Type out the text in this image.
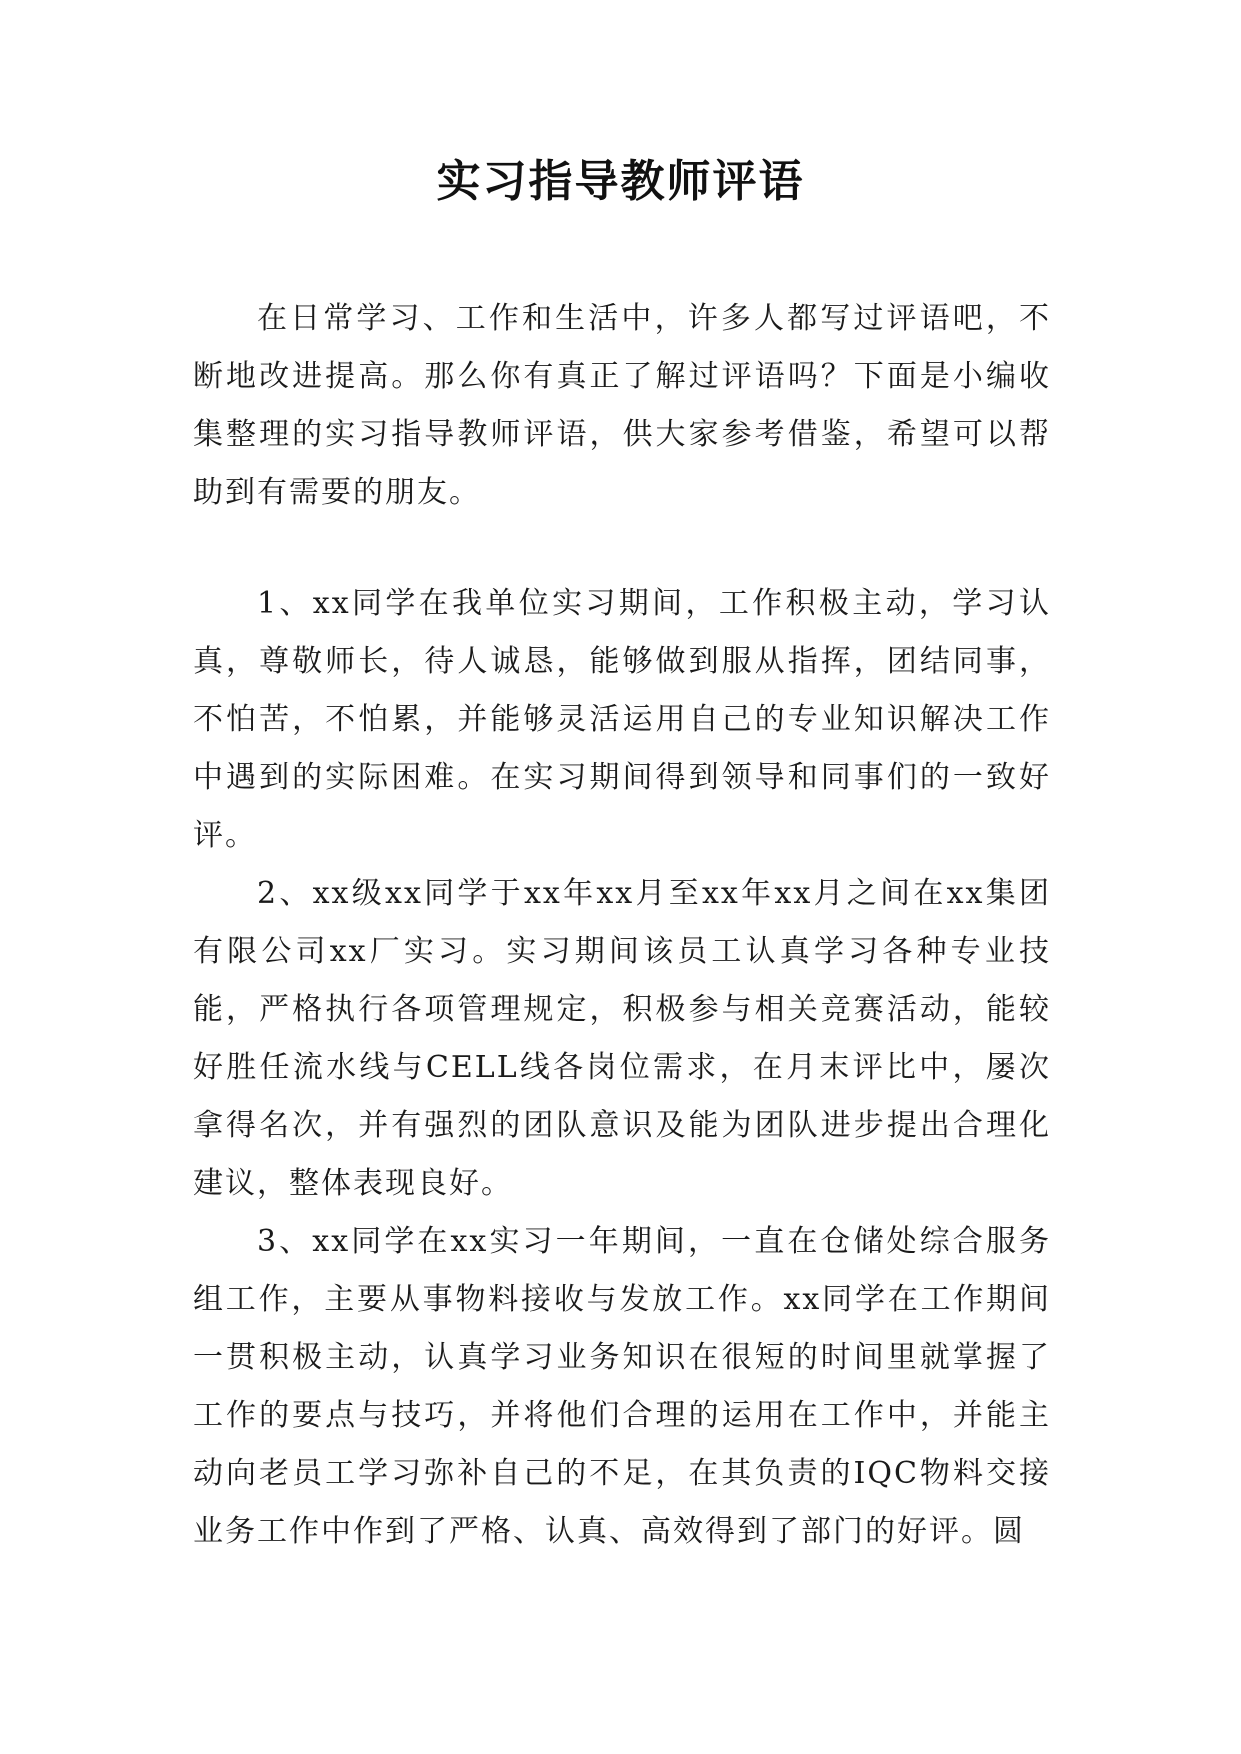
实习指导教师评语

在日常学习、工作和生活中，许多人都写过评语吧，不断地改进提高。那么你有真正了解过评语吗？下面是小编收集整理的实习指导教师评语，供大家参考借鉴，希望可以帮助到有需要的朋友。

1、xx同学在我单位实习期间，工作积极主动，学习认真，尊敬师长，待人诚恳，能够做到服从指挥，团结同事，不怕苦，不怕累，并能够灵活运用自己的专业知识解决工作中遇到的实际困难。在实习期间得到领导和同事们的一致好评。

2、xx级xx同学于xx年xx月至xx年xx月之间在xx集团有限公司xx厂实习。实习期间该员工认真学习各种专业技能，严格执行各项管理规定，积极参与相关竞赛活动，能较好胜任流水线与CELL线各岗位需求，在月末评比中，屡次拿得名次，并有强烈的团队意识及能为团队进步提出合理化建议，整体表现良好。

3、xx同学在xx实习一年期间，一直在仓储处综合服务组工作，主要从事物料接收与发放工作。xx同学在工作期间一贯积极主动，认真学习业务知识在很短的时间里就掌握了工作的要点与技巧，并将他们合理的运用在工作中，并能主动向老员工学习弥补自己的不足，在其负责的IQC物料交接业务工作中作到了严格、认真、高效得到了部门的好评。圆
